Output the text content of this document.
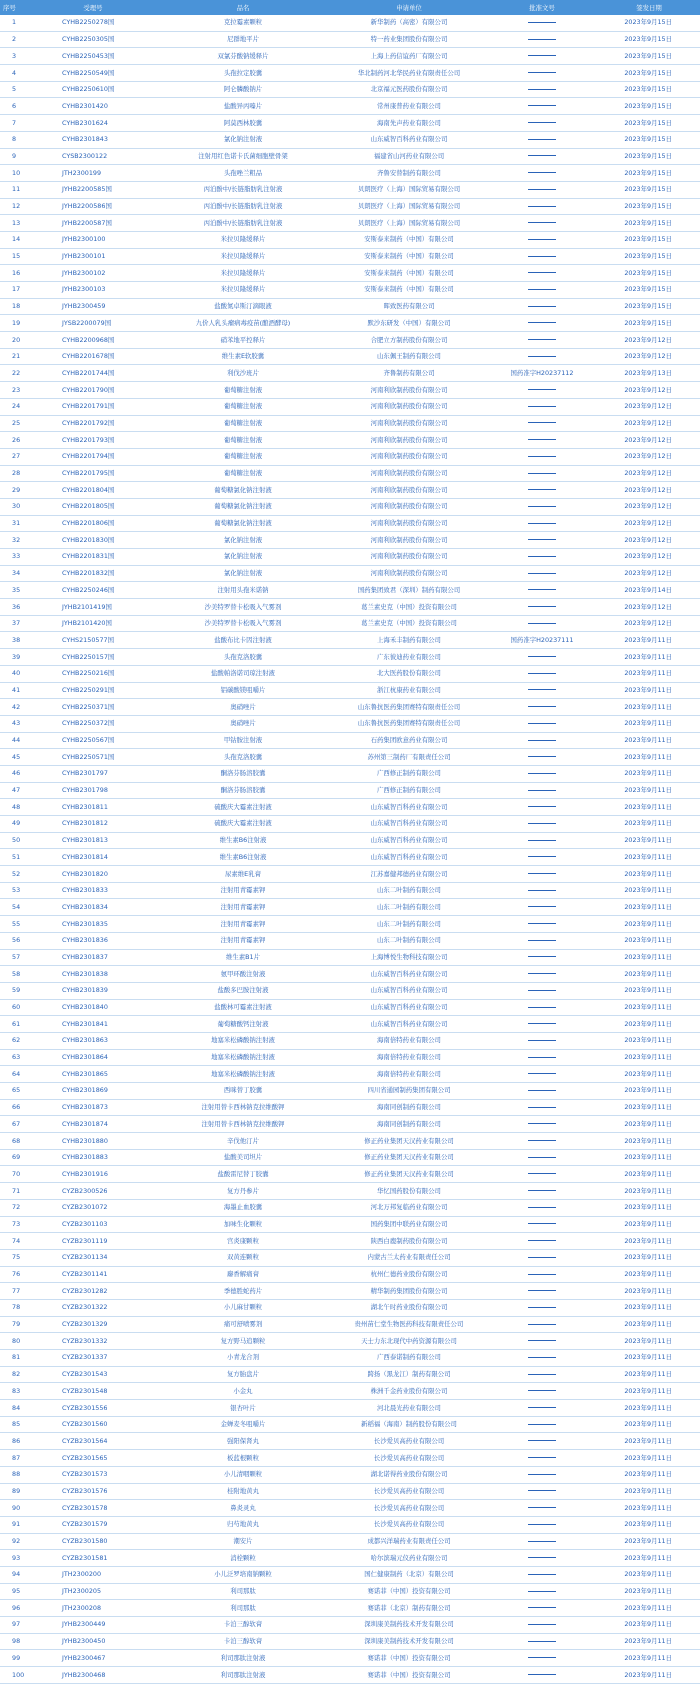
序号	受理号	品名	申请单位	批准文号	签发日期
1	CYHB2250278国	克拉霉素颗粒	新华制药（高密）有限公司		2023年9月15日
2	CYHB2250305国	尼群地平片	特一药业集团股份有限公司		2023年9月15日
3	CYHB2250453国	双氯芬酸钠缓释片	上海上药信谊药厂有限公司		2023年9月15日
4	CYHB2250549国	头孢拉定胶囊	华北制药河北华民药业有限责任公司		2023年9月15日
5	CYHB2250610国	阿仑膦酸钠片	北京福元医药股份有限公司		2023年9月15日
6	CYHB2301420	盐酸异丙嗪片	常州康普药业有限公司		2023年9月15日
7	CYHB2301624	阿莫西林胶囊	海南先声药业有限公司		2023年9月15日
8	CYHB2301843	氯化钠注射液	山东威智百科药业有限公司		2023年9月15日
9	CYSB2300122	注射用红色诺卡氏菌细胞壁骨架	福建省山河药业有限公司		2023年9月15日
10	JTH2300199	头孢唑兰粗品	齐鲁安替制药有限公司		2023年9月15日
11	JYHB2200585国	丙泊酚中/长链脂肪乳注射液	贝朗医疗（上海）国际贸易有限公司		2023年9月15日
12	JYHB2200586国	丙泊酚中/长链脂肪乳注射液	贝朗医疗（上海）国际贸易有限公司		2023年9月15日
13	JYHB2200587国	丙泊酚中/长链脂肪乳注射液	贝朗医疗（上海）国际贸易有限公司		2023年9月15日
14	JYHB2300100	米拉贝隆缓释片	安斯泰来制药（中国）有限公司		2023年9月15日
15	JYHB2300101	米拉贝隆缓释片	安斯泰来制药（中国）有限公司		2023年9月15日
16	JYHB2300102	米拉贝隆缓释片	安斯泰来制药（中国）有限公司		2023年9月15日
17	JYHB2300103	米拉贝隆缓释片	安斯泰来制药（中国）有限公司		2023年9月15日
18	JYHB2300459	盐酸氮卓斯汀滴眼液	晖致医药有限公司		2023年9月15日
19	JYSB2200079国	九价人乳头瘤病毒疫苗(酿酒酵母)	默沙东研发（中国）有限公司		2023年9月15日
20	CYHB2200968国	硝苯地平控释片	合肥立方制药股份有限公司		2023年9月12日
21	CYHB2201678国	维生素E软胶囊	山东佩王制药有限公司		2023年9月12日
22	CYHB2201744国	利伐沙班片	齐鲁制药有限公司	国药准字H20237112	2023年9月13日
23	CYHB2201790国	葡萄糖注射液	河南利欣制药股份有限公司		2023年9月12日
24	CYHB2201791国	葡萄糖注射液	河南利欣制药股份有限公司		2023年9月12日
25	CYHB2201792国	葡萄糖注射液	河南利欣制药股份有限公司		2023年9月12日
26	CYHB2201793国	葡萄糖注射液	河南利欣制药股份有限公司		2023年9月12日
27	CYHB2201794国	葡萄糖注射液	河南利欣制药股份有限公司		2023年9月12日
28	CYHB2201795国	葡萄糖注射液	河南利欣制药股份有限公司		2023年9月12日
29	CYHB2201804国	葡萄糖氯化钠注射液	河南利欣制药股份有限公司		2023年9月12日
30	CYHB2201805国	葡萄糖氯化钠注射液	河南利欣制药股份有限公司		2023年9月12日
31	CYHB2201806国	葡萄糖氯化钠注射液	河南利欣制药股份有限公司		2023年9月12日
32	CYHB2201830国	氯化钠注射液	河南利欣制药股份有限公司		2023年9月12日
33	CYHB2201831国	氯化钠注射液	河南利欣制药股份有限公司		2023年9月12日
34	CYHB2201832国	氯化钠注射液	河南利欣制药股份有限公司		2023年9月12日
35	CYHB2250246国	注射用头孢米诺钠	国药集团致君（深圳）制药有限公司		2023年9月14日
36	JYHB2101419国	沙美特罗替卡松吸入气雾剂	葛兰素史克（中国）投资有限公司		2023年9月12日
37	JYHB2101420国	沙美特罗替卡松吸入气雾剂	葛兰素史克（中国）投资有限公司		2023年9月12日
38	CYHS2150577国	盐酸布比卡因注射液	上海禾丰制药有限公司	国药准字H20237111	2023年9月11日
39	CYHB2250157国	头孢克洛胶囊	广东彼迪药业有限公司		2023年9月11日
40	CYHB2250216国	盐酸帕洛诺司琼注射液	北大医药股份有限公司		2023年9月11日
41	CYHB2250291国	铝碳酸镁咀嚼片	浙江杭康药业有限公司		2023年9月11日
42	CYHB2250371国	奥硝唑片	山东鲁抗医药集团赛特有限责任公司		2023年9月11日
43	CYHB2250372国	奥硝唑片	山东鲁抗医药集团赛特有限责任公司		2023年9月11日
44	CYHB2250567国	甲钴胺注射液	石药集团欧意药业有限公司		2023年9月11日
45	CYHB2250571国	头孢克洛胶囊	苏州第三制药厂有限责任公司		2023年9月11日
46	CYHB2301797	酮洛芬肠溶胶囊	广西修正制药有限公司		2023年9月11日
47	CYHB2301798	酮洛芬肠溶胶囊	广西修正制药有限公司		2023年9月11日
48	CYHB2301811	硫酸庆大霉素注射液	山东威智百科药业有限公司		2023年9月11日
49	CYHB2301812	硫酸庆大霉素注射液	山东威智百科药业有限公司		2023年9月11日
50	CYHB2301813	维生素B6注射液	山东威智百科药业有限公司		2023年9月11日
51	CYHB2301814	维生素B6注射液	山东威智百科药业有限公司		2023年9月11日
52	CYHB2301820	尿素维E乳膏	江苏嘉健邦德药业有限公司		2023年9月11日
53	CYHB2301833	注射用青霉素钾	山东二叶制药有限公司		2023年9月11日
54	CYHB2301834	注射用青霉素钾	山东二叶制药有限公司		2023年9月11日
55	CYHB2301835	注射用青霉素钾	山东二叶制药有限公司		2023年9月11日
56	CYHB2301836	注射用青霉素钾	山东二叶制药有限公司		2023年9月11日
57	CYHB2301837	维生素B1片	上海博悦生物科技有限公司		2023年9月11日
58	CYHB2301838	氨甲环酸注射液	山东威智百科药业有限公司		2023年9月11日
59	CYHB2301839	盐酸多巴胺注射液	山东威智百科药业有限公司		2023年9月11日
60	CYHB2301840	盐酸林可霉素注射液	山东威智百科药业有限公司		2023年9月11日
61	CYHB2301841	葡萄糖酸钙注射液	山东威智百科药业有限公司		2023年9月11日
62	CYHB2301863	地塞米松磷酸钠注射液	海南倍特药业有限公司		2023年9月11日
63	CYHB2301864	地塞米松磷酸钠注射液	海南倍特药业有限公司		2023年9月11日
64	CYHB2301865	地塞米松磷酸钠注射液	海南倍特药业有限公司		2023年9月11日
65	CYHB2301869	西咪替丁胶囊	四川省通园制药集团有限公司		2023年9月11日
66	CYHB2301873	注射用替卡西林钠克拉维酸钾	海南同创制药有限公司		2023年9月11日
67	CYHB2301874	注射用替卡西林钠克拉维酸钾	海南同创制药有限公司		2023年9月11日
68	CYHB2301880	辛伐他汀片	修正药业集团天汉药业有限公司		2023年9月11日
69	CYHB2301883	盐酸美司坦片	修正药业集团天汉药业有限公司		2023年9月11日
70	CYHB2301916	盐酸雷尼替丁胶囊	修正药业集团天汉药业有限公司		2023年9月11日
71	CYZB2300526	复方丹参片	华忆国药股份有限公司		2023年9月11日
72	CYZB2301072	海墨止血胶囊	河北万邦复临药业有限公司		2023年9月11日
73	CYZB2301103	加味生化颗粒	国药集团中联药业有限公司		2023年9月11日
74	CYZB2301119	宫炎康颗粒	陕西白鹿制药股份有限公司		2023年9月11日
75	CYZB2301134	双黄连颗粒	内蒙古兰太药业有限责任公司		2023年9月11日
76	CYZB2301141	麝香解痛膏	杭州仁德药业股份有限公司		2023年9月11日
77	CYZB2301282	季德胜蛇药片	精华制药集团股份有限公司		2023年9月11日
78	CYZB2301322	小儿麻甘颗粒	湖北午时药业股份有限公司		2023年9月11日
79	CYZB2301329	痛可舒喷雾剂	贵州苗仁堂生物医药科技有限责任公司		2023年9月11日
80	CYZB2301332	复方野马追颗粒	天士力东北现代中药资源有限公司		2023年9月11日
81	CYZB2301337	小青龙合剂	广西泰诺制药有限公司		2023年9月11日
82	CYZB2301543	复方胎盘片	跨扬（黑龙江）制药有限公司		2023年9月11日
83	CYZB2301548	小金丸	株洲千金药业股份有限公司		2023年9月11日
84	CYZB2301556	银杏叶片	河北晨光药业有限公司		2023年9月11日
85	CYZB2301560	金蝉麦冬咀嚼片	新稻福（海南）制药股份有限公司		2023年9月11日
86	CYZB2301564	强阳保肾丸	长沙爱贝高药业有限公司		2023年9月11日
87	CYZB2301565	板蓝根颗粒	长沙爱贝高药业有限公司		2023年9月11日
88	CYZB2301573	小儿清咽颗粒	湖北诺得药业股份有限公司		2023年9月11日
89	CYZB2301576	桂附地黄丸	长沙爱贝高药业有限公司		2023年9月11日
90	CYZB2301578	鼻炎灵丸	长沙爱贝高药业有限公司		2023年9月11日
91	CYZB2301579	归芍地黄丸	长沙爱贝高药业有限公司		2023年9月11日
92	CYZB2301580	潮安片	成都兴洋瑞药业有限责任公司		2023年9月11日
93	CYZB2301581	消栓颗粒	哈尔滨瑞元仪药业有限公司		2023年9月11日
94	JTH2300200	小儿泛罗培南钠颗粒	国仁健康制药（北京）有限公司		2023年9月11日
95	JTH2300205	利司那肽	赛诺菲（中国）投资有限公司		2023年9月11日
96	JTH2300208	利司那肽	赛诺菲（北京）制药有限公司		2023年9月11日
97	JYHB2300449	卡泊三醇软膏	深圳康美制药技术开发有限公司		2023年9月11日
98	JYHB2300450	卡泊三醇软膏	深圳康美制药技术开发有限公司		2023年9月11日
99	JYHB2300467	利司那肽注射液	赛诺菲（中国）投资有限公司		2023年9月11日
100	JYHB2300468	利司那肽注射液	赛诺菲（中国）投资有限公司		2023年9月11日
